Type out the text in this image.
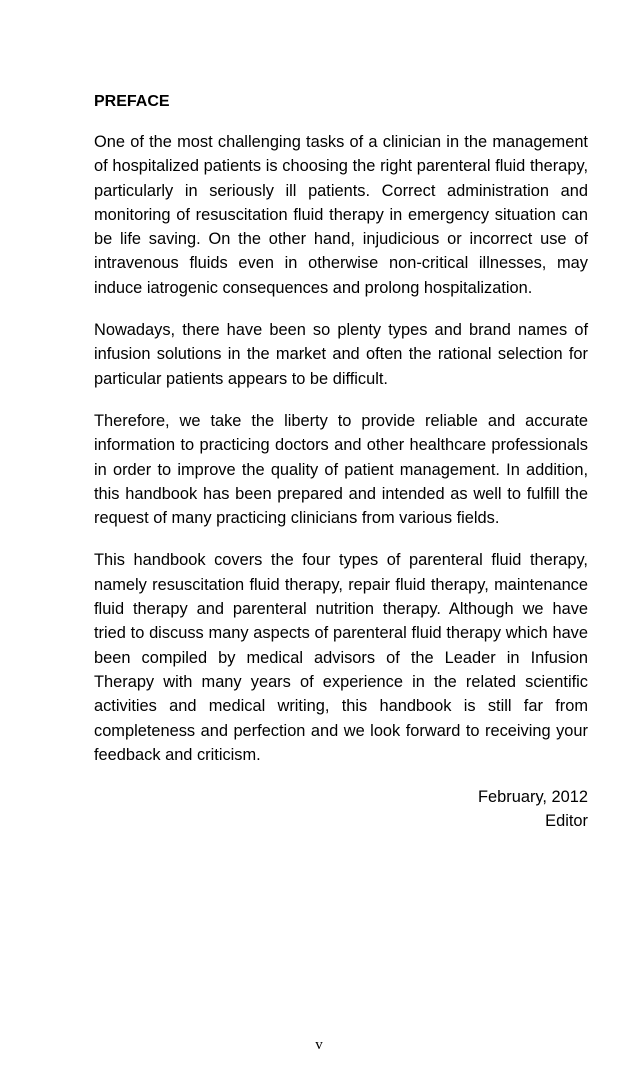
PREFACE

One of the most challenging tasks of a clinician in the management of hospitalized patients is choosing the right parenteral fluid therapy, particularly in seriously ill patients. Correct administration and monitoring of resuscitation fluid therapy in emergency situation can be life saving. On the other hand, injudicious or incorrect use of intravenous fluids even in otherwise non-critical illnesses, may induce iatrogenic consequences and prolong hospitalization.

Nowadays, there have been so plenty types and brand names of infusion solutions in the market and often the rational selection for particular patients appears to be difficult.

Therefore, we take the liberty to provide reliable and accurate information to practicing doctors and other healthcare professionals in order to improve the quality of patient management. In addition, this handbook has been prepared and intended as well to fulfill the request of many practicing clinicians from various fields.

This handbook covers the four types of parenteral fluid therapy, namely resuscitation fluid therapy, repair fluid therapy, maintenance fluid therapy and parenteral nutrition therapy. Although we have tried to discuss many aspects of parenteral fluid therapy which have been compiled by medical advisors of the Leader in Infusion Therapy with many years of experience in the related scientific activities and medical writing, this handbook is still far from completeness and perfection and we look forward to receiving your feedback and criticism.

February, 2012
Editor
v
